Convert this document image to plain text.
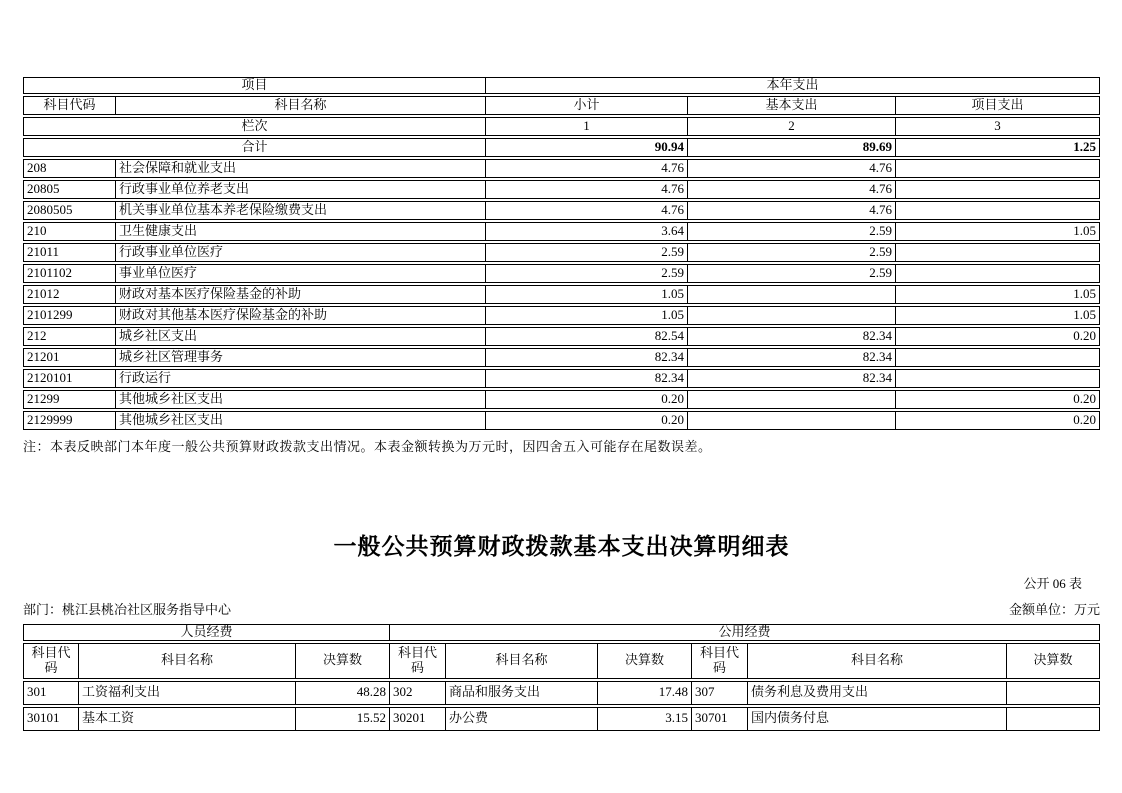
项目		本年支出		
科目代码	科目名称	小计	基本支出	项目支出
栏次		1	2	3
合计		90.94	89.69	1.25
208	社会保障和就业支出	4.76	4.76	
20805	行政事业单位养老支出	4.76	4.76	
2080505	机关事业单位基本养老保险缴费支出	4.76	4.76	
210	卫生健康支出	3.64	2.59	1.05
21011	行政事业单位医疗	2.59	2.59	
2101102	事业单位医疗	2.59	2.59	
21012	财政对基本医疗保险基金的补助	1.05		1.05
2101299	财政对其他基本医疗保险基金的补助	1.05		1.05
212	城乡社区支出	82.54	82.34	0.20
21201	城乡社区管理事务	82.34	82.34	
2120101	行政运行	82.34	82.34	
21299	其他城乡社区支出	0.20		0.20
2129999	其他城乡社区支出	0.20		0.20
注：本表反映部门本年度一般公共预算财政拨款支出情况。本表金额转换为万元时，因四舍五入可能存在尾数误差。
一般公共预算财政拨款基本支出决算明细表
公开 06 表
部门：桃江县桃冶社区服务指导中心	金额单位：万元
人员经费			公用经费					
科目代码	科目名称	决算数	科目代码	科目名称	决算数	科目代码	科目名称	决算数
301	工资福利支出	48.28	302	商品和服务支出	17.48	307	债务利息及费用支出	
30101	基本工资	15.52	30201	办公费	3.15	30701	国内债务付息	
